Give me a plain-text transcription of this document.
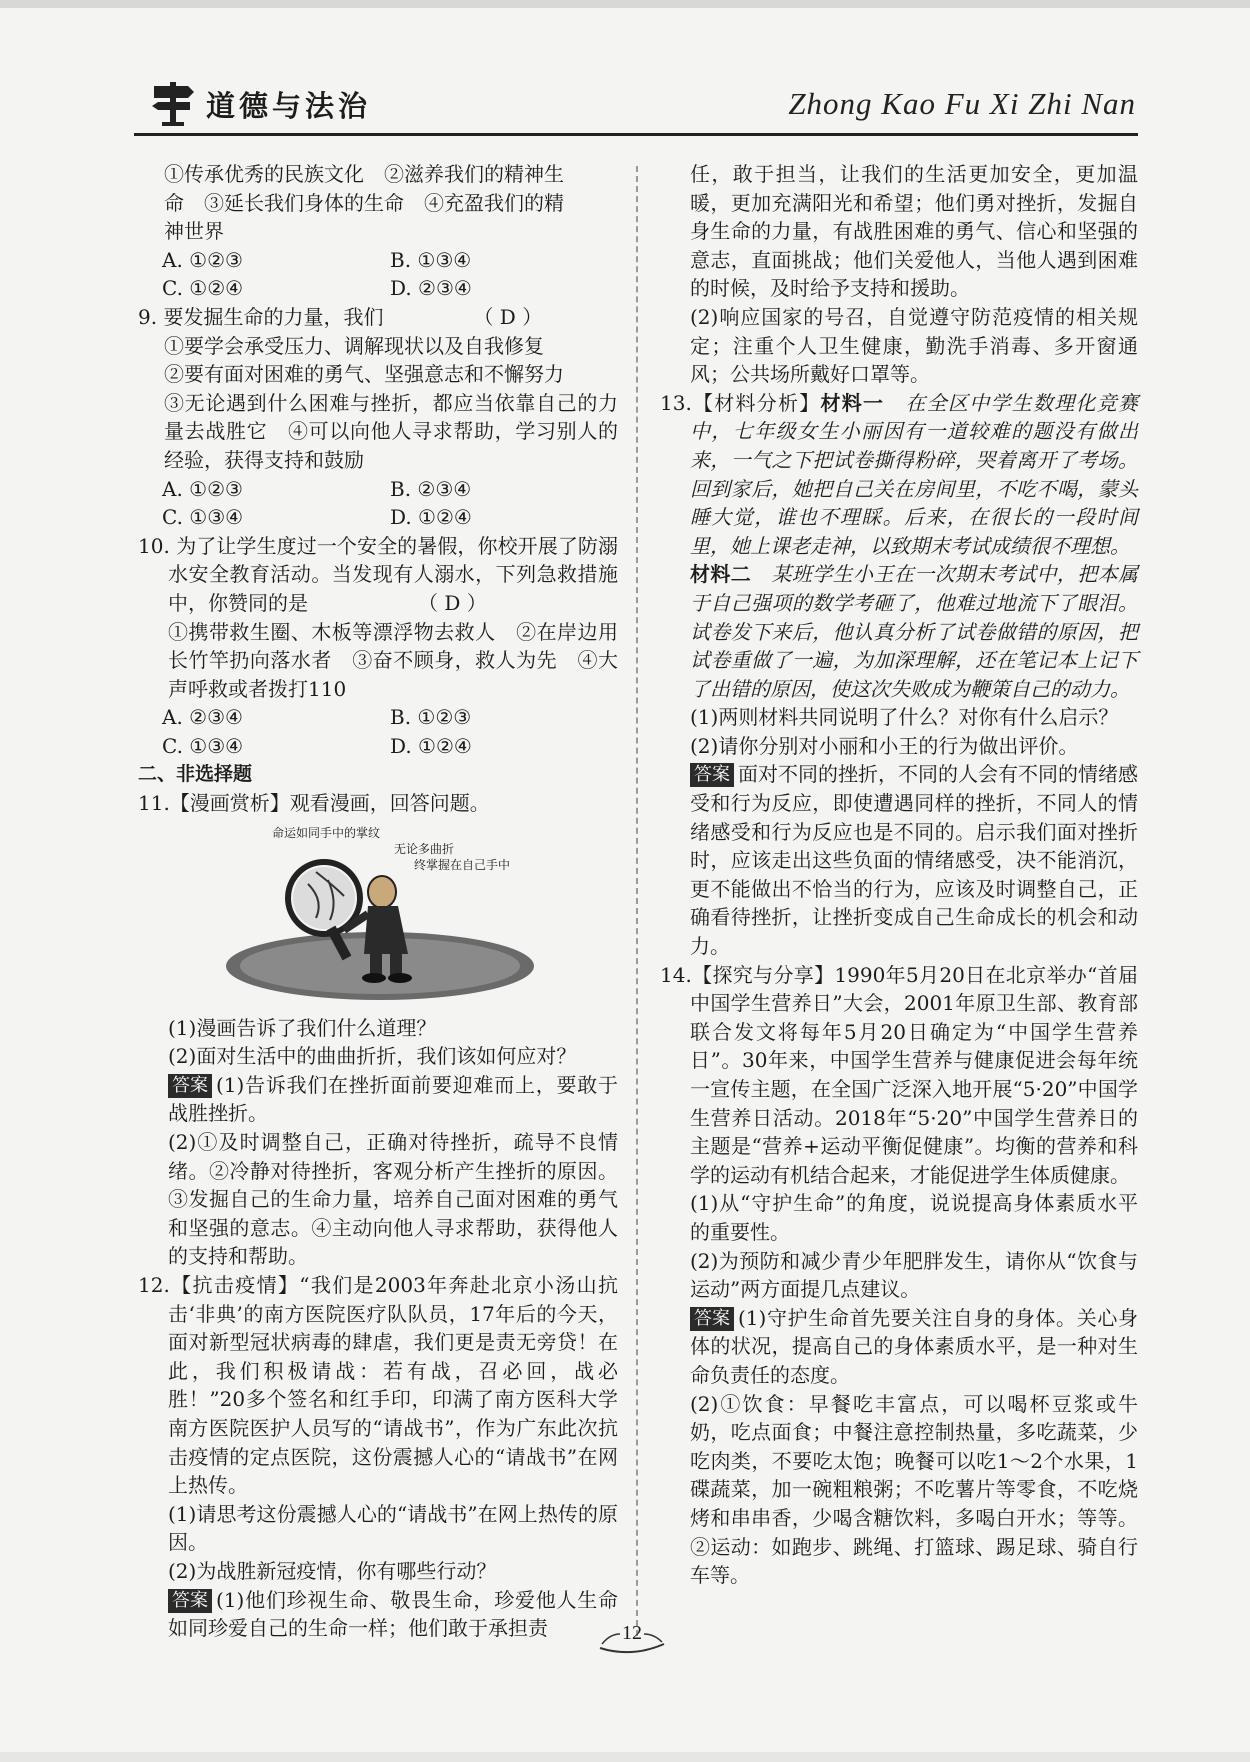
道德与法治	Zhong Kao Fu Xi Zhi Nan

①传承优秀的民族文化　②滋养我们的精神生

命　③延长我们身体的生命　④充盈我们的精

神世界

A. ①②③	B. ①③④
C. ①②④	D. ②③④

9. 要发掘生命的力量，我们　　　　　（ D ）

①要学会承受压力、调解现状以及自我修复

②要有面对困难的勇气、坚强意志和不懈努力

③无论遇到什么困难与挫折，都应当依靠自己的力量去战胜它　④可以向他人寻求帮助，学习别人的经验，获得支持和鼓励

A. ①②③	B. ②③④
C. ①③④	D. ①②④

10. 为了让学生度过一个安全的暑假，你校开展了防溺水安全教育活动。当发现有人溺水，下列急救措施中，你赞同的是　　　　　　（ D ）

①携带救生圈、木板等漂浮物去救人　②在岸边用长竹竿扔向落水者　③奋不顾身，救人为先　④大声呼救或者拨打110

A. ②③④	B. ①②③
C. ①③④	D. ①②④

二、非选择题

11.【漫画赏析】观看漫画，回答问题。

命运如同手中的掌纹
无论多曲折
终掌握在自己手中

(1)漫画告诉了我们什么道理？

(2)面对生活中的曲曲折折，我们该如何应对？

答案 (1)告诉我们在挫折面前要迎难而上，要敢于战胜挫折。

(2)①及时调整自己，正确对待挫折，疏导不良情绪。②冷静对待挫折，客观分析产生挫折的原因。③发掘自己的生命力量，培养自己面对困难的勇气和坚强的意志。④主动向他人寻求帮助，获得他人的支持和帮助。

12.【抗击疫情】“我们是2003年奔赴北京小汤山抗击‘非典’的南方医院医疗队队员，17年后的今天，面对新型冠状病毒的肆虐，我们更是责无旁贷！在此，我们积极请战：若有战，召必回，战必胜！”20多个签名和红手印，印满了南方医科大学南方医院医护人员写的“请战书”，作为广东此次抗击疫情的定点医院，这份震撼人心的“请战书”在网上热传。

(1)请思考这份震撼人心的“请战书”在网上热传的原因。

(2)为战胜新冠疫情，你有哪些行动？

答案 (1)他们珍视生命、敬畏生命，珍爱他人生命如同珍爱自己的生命一样；他们敢于承担责

任，敢于担当，让我们的生活更加安全，更加温暖，更加充满阳光和希望；他们勇对挫折，发掘自身生命的力量，有战胜困难的勇气、信心和坚强的意志，直面挑战；他们关爱他人，当他人遇到困难的时候，及时给予支持和援助。

(2)响应国家的号召，自觉遵守防范疫情的相关规定；注重个人卫生健康，勤洗手消毒、多开窗通风；公共场所戴好口罩等。

13.【材料分析】材料一　在全区中学生数理化竞赛中，七年级女生小丽因有一道较难的题没有做出来，一气之下把试卷撕得粉碎，哭着离开了考场。回到家后，她把自己关在房间里，不吃不喝，蒙头睡大觉，谁也不理睬。后来，在很长的一段时间里，她上课老走神，以致期末考试成绩很不理想。

材料二　某班学生小王在一次期末考试中，把本属于自己强项的数学考砸了，他难过地流下了眼泪。试卷发下来后，他认真分析了试卷做错的原因，把试卷重做了一遍，为加深理解，还在笔记本上记下了出错的原因，使这次失败成为鞭策自己的动力。

(1)两则材料共同说明了什么？对你有什么启示？

(2)请你分别对小丽和小王的行为做出评价。

答案 面对不同的挫折，不同的人会有不同的情绪感受和行为反应，即使遭遇同样的挫折，不同人的情绪感受和行为反应也是不同的。启示我们面对挫折时，应该走出这些负面的情绪感受，决不能消沉，更不能做出不恰当的行为，应该及时调整自己，正确看待挫折，让挫折变成自己生命成长的机会和动力。

14.【探究与分享】1990年5月20日在北京举办“首届中国学生营养日”大会，2001年原卫生部、教育部联合发文将每年5月20日确定为“中国学生营养日”。30年来，中国学生营养与健康促进会每年统一宣传主题，在全国广泛深入地开展“5·20”中国学生营养日活动。2018年“5·20”中国学生营养日的主题是“营养+运动平衡促健康”。均衡的营养和科学的运动有机结合起来，才能促进学生体质健康。

(1)从“守护生命”的角度，说说提高身体素质水平的重要性。

(2)为预防和减少青少年肥胖发生，请你从“饮食与运动”两方面提几点建议。

答案 (1)守护生命首先要关注自身的身体。关心身体的状况，提高自己的身体素质水平，是一种对生命负责任的态度。

(2)①饮食：早餐吃丰富点，可以喝杯豆浆或牛奶，吃点面食；中餐注意控制热量，多吃蔬菜，少吃肉类，不要吃太饱；晚餐可以吃1～2个水果，1碟蔬菜，加一碗粗粮粥；不吃薯片等零食，不吃烧烤和串串香，少喝含糖饮料，多喝白开水；等等。②运动：如跑步、跳绳、打篮球、踢足球、骑自行车等。

12
